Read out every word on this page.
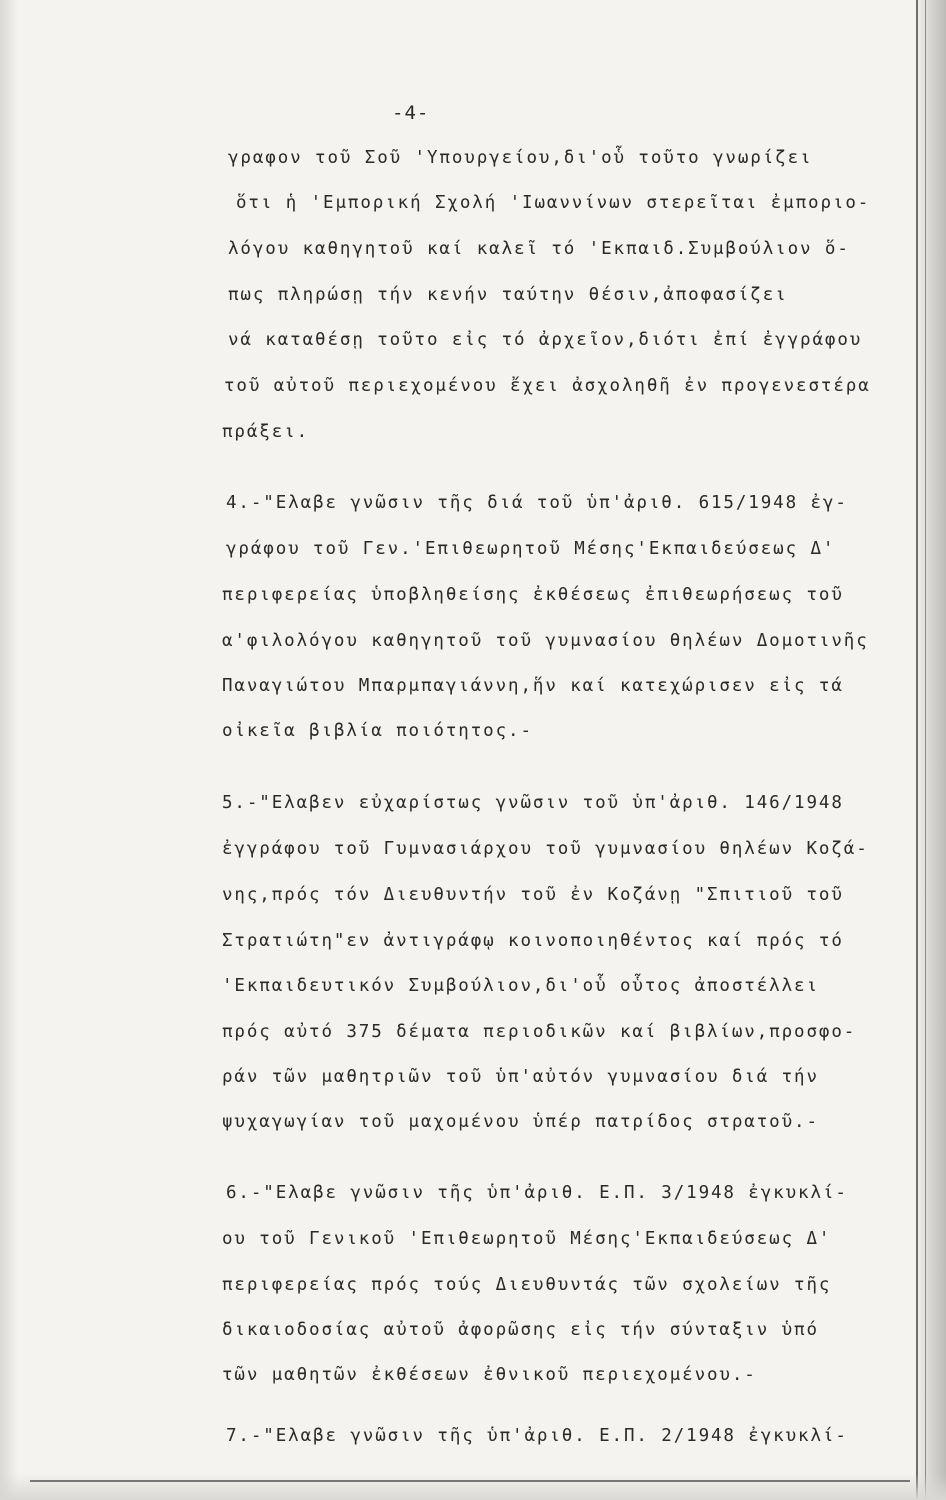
-4-
γραφον τοῦ Σοῦ 'Υπουργείου,δι'οὗ τοῦτο γνωρίζει
ὅτι ἡ 'Εμπορική Σχολή 'Ιωαννίνων στερεῖται ἐμποριο-
λόγου καθηγητοῦ καί καλεῖ τό 'Εκπαιδ.Συμβούλιον ὅ-
πως πληρώσῃ τήν κενήν ταύτην θέσιν,ἀποφασίζει
νά καταθέσῃ τοῦτο εἰς τό ἀρχεῖον,διότι ἐπί ἐγγράφου
τοῦ αὐτοῦ περιεχομένου ἔχει ἀσχοληθῆ ἐν προγενεστέρα
πράξει.
4.-"Ελαβε γνῶσιν τῆς διά τοῦ ὑπ'ἀριθ. 615/1948 ἐγ-
γράφου τοῦ Γεν.'Επιθεωρητοῦ Μέσης'Εκπαιδεύσεως Δ'
περιφερείας ὑποβληθείσης ἐκθέσεως ἐπιθεωρήσεως τοῦ
α'φιλολόγου καθηγητοῦ τοῦ γυμνασίου θηλέων Δομοτινῆς
Παναγιώτου Μπαρμπαγιάννη,ἥν καί κατεχώρισεν εἰς τά
οἰκεῖα βιβλία ποιότητος.-
5.-"Ελαβεν εὐχαρίστως γνῶσιν τοῦ ὑπ'ἀριθ. 146/1948
ἐγγράφου τοῦ Γυμνασιάρχου τοῦ γυμνασίου θηλέων Κοζά-
νης,πρός τόν Διευθυντήν τοῦ ἐν Κοζάνῃ "Σπιτιοῦ τοῦ
Στρατιώτη"εν ἀντιγράφῳ κοινοποιηθέντος καί πρός τό
'Εκπαιδευτικόν Συμβούλιον,δι'οὗ οὗτος ἀποστέλλει
πρός αὐτό 375 δέματα περιοδικῶν καί βιβλίων,προσφο-
ράν τῶν μαθητριῶν τοῦ ὑπ'αὐτόν γυμνασίου διά τήν
ψυχαγωγίαν τοῦ μαχομένου ὑπέρ πατρίδος στρατοῦ.-
6.-"Ελαβε γνῶσιν τῆς ὑπ'ἀριθ. Ε.Π. 3/1948 ἐγκυκλί-
ου τοῦ Γενικοῦ 'Επιθεωρητοῦ Μέσης'Εκπαιδεύσεως Δ'
περιφερείας πρός τούς Διευθυντάς τῶν σχολείων τῆς
δικαιοδοσίας αὐτοῦ ἀφορῶσης εἰς τήν σύνταξιν ὑπό
τῶν μαθητῶν ἐκθέσεων ἐθνικοῦ περιεχομένου.-
7.-"Ελαβε γνῶσιν τῆς ὑπ'ἀριθ. Ε.Π. 2/1948 ἐγκυκλί-
